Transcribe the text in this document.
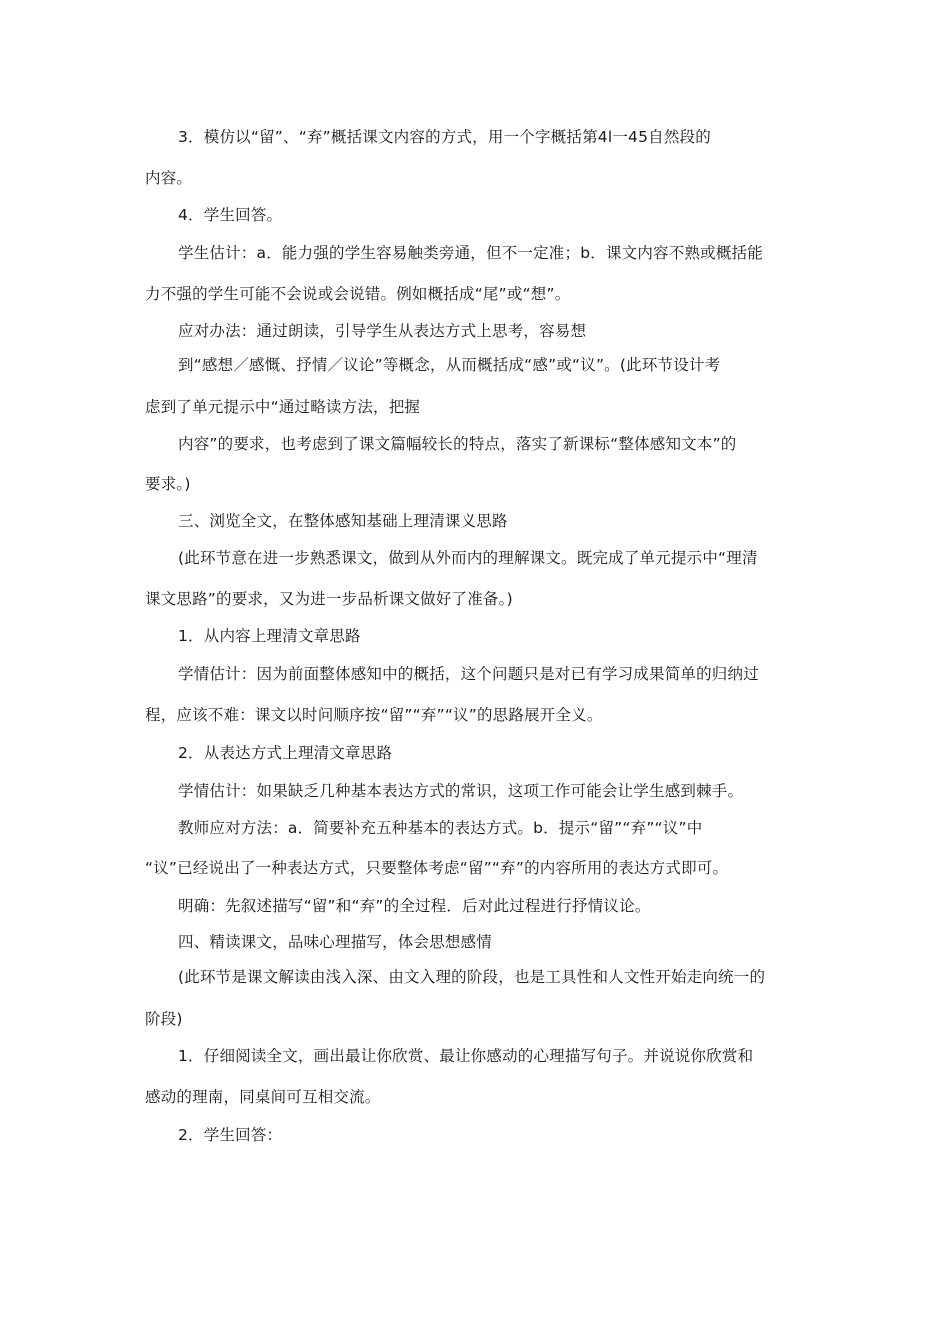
3．模仿以“留”、“弃”概括课文内容的方式，用一个字概括第4l一45自然段的
内容。
4．学生回答。
学生估计：a．能力强的学生容易触类旁通，但不一定准；b．课文内容不熟或概括能
力不强的学生可能不会说或会说错。例如概括成“尾”或“想”。
应对办法：通过朗读，引导学生从表达方式上思考，容易想
到“感想／感慨、抒情／议论”等概念，从而概括成“感”或“议”。(此环节设计考
虑到了单元提示中“通过略读方法，把握
内容”的要求，也考虑到了课文篇幅较长的特点，落实了新课标“整体感知文本”的
要求。)
三、浏览全文，在整体感知基础上理清课义思路
(此环节意在进一步熟悉课文，做到从外而内的理解课文。既完成了单元提示中“理清
课文思路”的要求，又为进一步品析课文做好了准备。)
1．从内容上理清文章思路
学情估计：因为前面整体感知中的概括，这个问题只是对已有学习成果简单的归纳过
程，应该不难：课文以时问顺序按“留”“弃”“议”的思路展开全义。
2．从表达方式上理清文章思路
学情估计：如果缺乏几种基本表达方式的常识，这项工作可能会让学生感到棘手。
教师应对方法：a．简要补充五种基本的表达方式。b．提示“留”“弃”“议”中
“议”已经说出了一种表达方式，只要整体考虑“留”“弃”的内容所用的表达方式即可。
明确：先叙述描写“留”和“弃”的全过程．后对此过程进行抒情议论。
四、精读课文，品味心理描写，体会思想感情
(此环节是课文解读由浅入深、由文入理的阶段，也是工具性和人文性开始走向统一的
阶段)
1．仔细阅读全文，画出最让你欣赏、最让你感动的心理描写句子。并说说你欣赏和
感动的理南，同桌间可互相交流。
2．学生回答：
